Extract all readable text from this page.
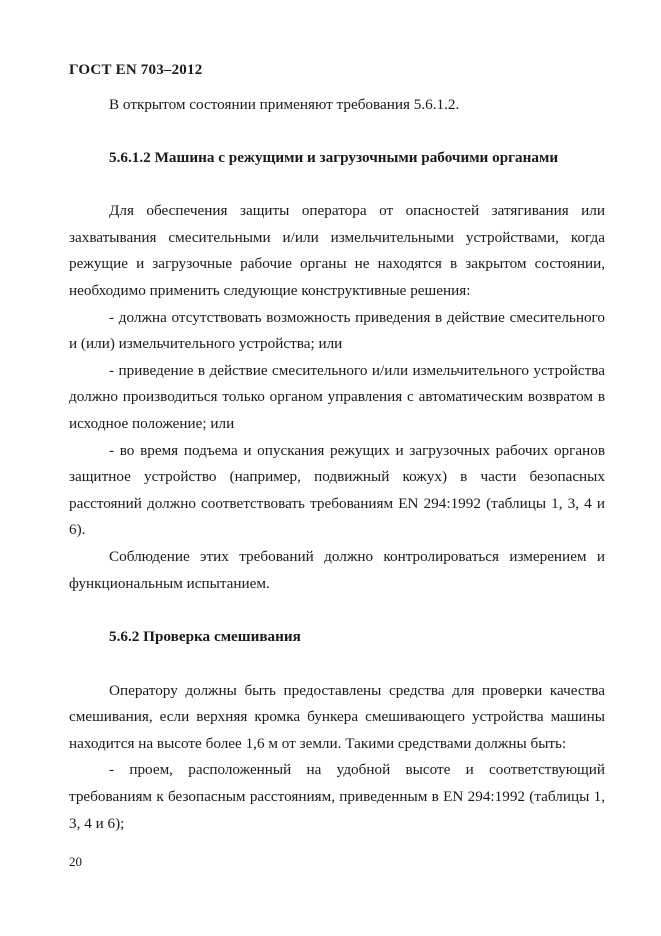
ГОСТ EN 703–2012

В открытом состоянии применяют требования 5.6.1.2.

5.6.1.2 Машина с режущими и загрузочными рабочими органами

Для обеспечения защиты оператора от опасностей затягивания или захватывания смесительными и/или измельчительными устройствами, когда режущие и загрузочные рабочие органы не находятся в закрытом состоянии, необходимо применить следующие конструктивные решения:

- должна отсутствовать возможность приведения в действие смесительного и (или) измельчительного устройства; или

- приведение в действие смесительного и/или измельчительного устройства должно производиться только органом управления с автоматическим возвратом в исходное положение; или

- во время подъема и опускания режущих и загрузочных рабочих органов защитное устройство (например, подвижный кожух) в части безопасных расстояний должно соответствовать требованиям EN 294:1992 (таблицы 1, 3, 4 и 6).

Соблюдение этих требований должно контролироваться измерением и функциональным испытанием.

5.6.2 Проверка смешивания

Оператору должны быть предоставлены средства для проверки качества смешивания, если верхняя кромка бункера смешивающего устройства машины находится на высоте более 1,6 м от земли. Такими средствами должны быть:

- проем, расположенный на удобной высоте и соответствующий требованиям к безопасным расстояниям, приведенным в EN 294:1992 (таблицы 1, 3, 4 и 6);

20
